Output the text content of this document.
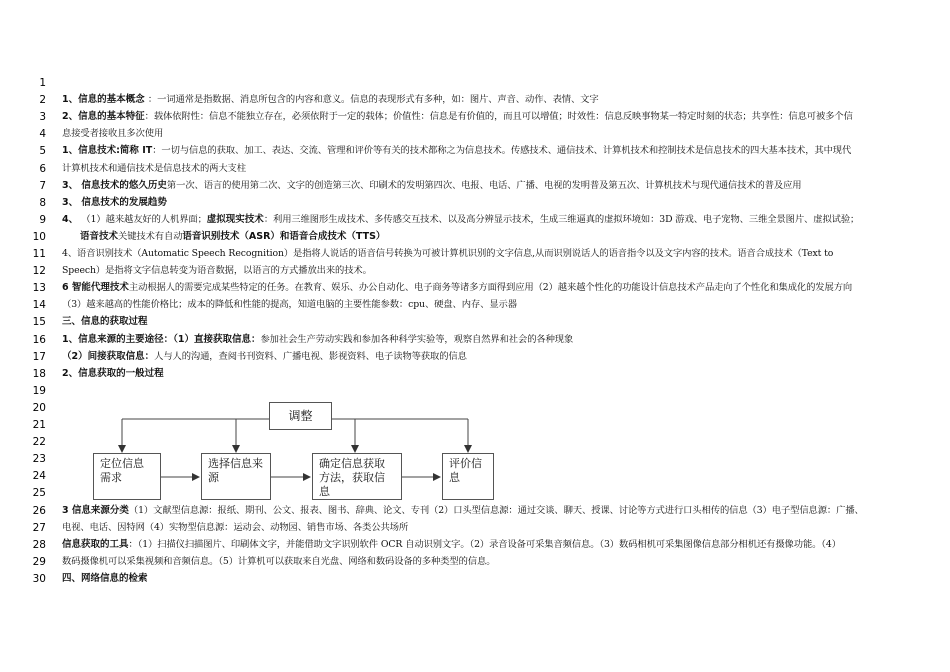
1
2 1、信息的基本概念 ：一词通常是指数据、消息所包含的内容和意义。信息的表现形式有多种，如：图片、声音、动作、表情、文字
3 2、信息的基本特征：载体依附性：信息不能独立存在，必须依附于一定的载体；价值性：信息是有价值的，而且可以增值；时效性：信息反映事物某一特定时刻的状态；共享性：信息可被多个信
4 息接受者接收且多次使用
5 1、信息技术:简称 IT：一切与信息的获取、加工、表达、交流、管理和评价等有关的技术都称之为信息技术。传感技术、通信技术、计算机技术和控制技术是信息技术的四大基本技术，其中现代
6 计算机技术和通信技术是信息技术的两大支柱
7 3、 信息技术的悠久历史第一次、语言的使用第二次、文字的创造第三次、印刷术的发明第四次、电报、电话、广播、电视的发明普及第五次、计算机技术与现代通信技术的普及应用
8 3、 信息技术的发展趋势
9 4、 （1）越来越友好的人机界面；虚拟现实技术：利用三维图形生成技术、多传感交互技术、以及高分辨显示技术，生成三维逼真的虚拟环境如：3D 游戏、电子宠物、三维全景图片、虚拟试验；
10	语音技术关键技术有自动语音识别技术（ASR）和语音合成技术（TTS）
11 4、语音识别技术（Automatic Speech Recognition）是指将人说话的语音信号转换为可被计算机识别的文字信息,从而识别说话人的语音指令以及文字内容的技术。语音合成技术（Text to
12 Speech）是指将文字信息转变为语音数据，以语言的方式播放出来的技术。
13 6 智能代理技术主动根据人的需要完成某些特定的任务。在教育、娱乐、办公自动化、电子商务等诸多方面得到应用（2）越来越个性化的功能设计信息技术产品走向了个性化和集成化的发展方向
14 （3）越来越高的性能价格比；成本的降低和性能的提高，知道电脑的主要性能参数：cpu、硬盘、内存、显示器
15 三、信息的获取过程
16 1、信息来源的主要途径：（1）直接获取信息：参加社会生产劳动实践和参加各种科学实验等，观察自然界和社会的各种现象
17 （2）间接获取信息：人与人的沟通，查阅书刊资料、广播电视、影视资料、电子读物等获取的信息
18 2、信息获取的一般过程
19
20
21
22
23
24
25
26 3 信息来源分类（1）文献型信息源：报纸、期刊、公文、报表、图书、辞典、论文、专刊（2）口头型信息源：通过交谈、聊天、授课、讨论等方式进行口头相传的信息（3）电子型信息源：广播、
27 电视、电话、因特网（4）实物型信息源：运动会、动物园、销售市场、各类公共场所
28 信息获取的工具：（1）扫描仪扫描图片、印刷体文字，并能借助文字识别软件 OCR 自动识别文字。（2）录音设备可采集音频信息。（3）数码相机可采集图像信息部分相机还有摄像功能。（4）
29 数码摄像机可以采集视频和音频信息。（5）计算机可以获取来自光盘、网络和数码设备的多种类型的信息。
30 四、网络信息的检索
调整
定位信息需求
选择信息来源
确定信息获取方法，获取信息
评价信息
